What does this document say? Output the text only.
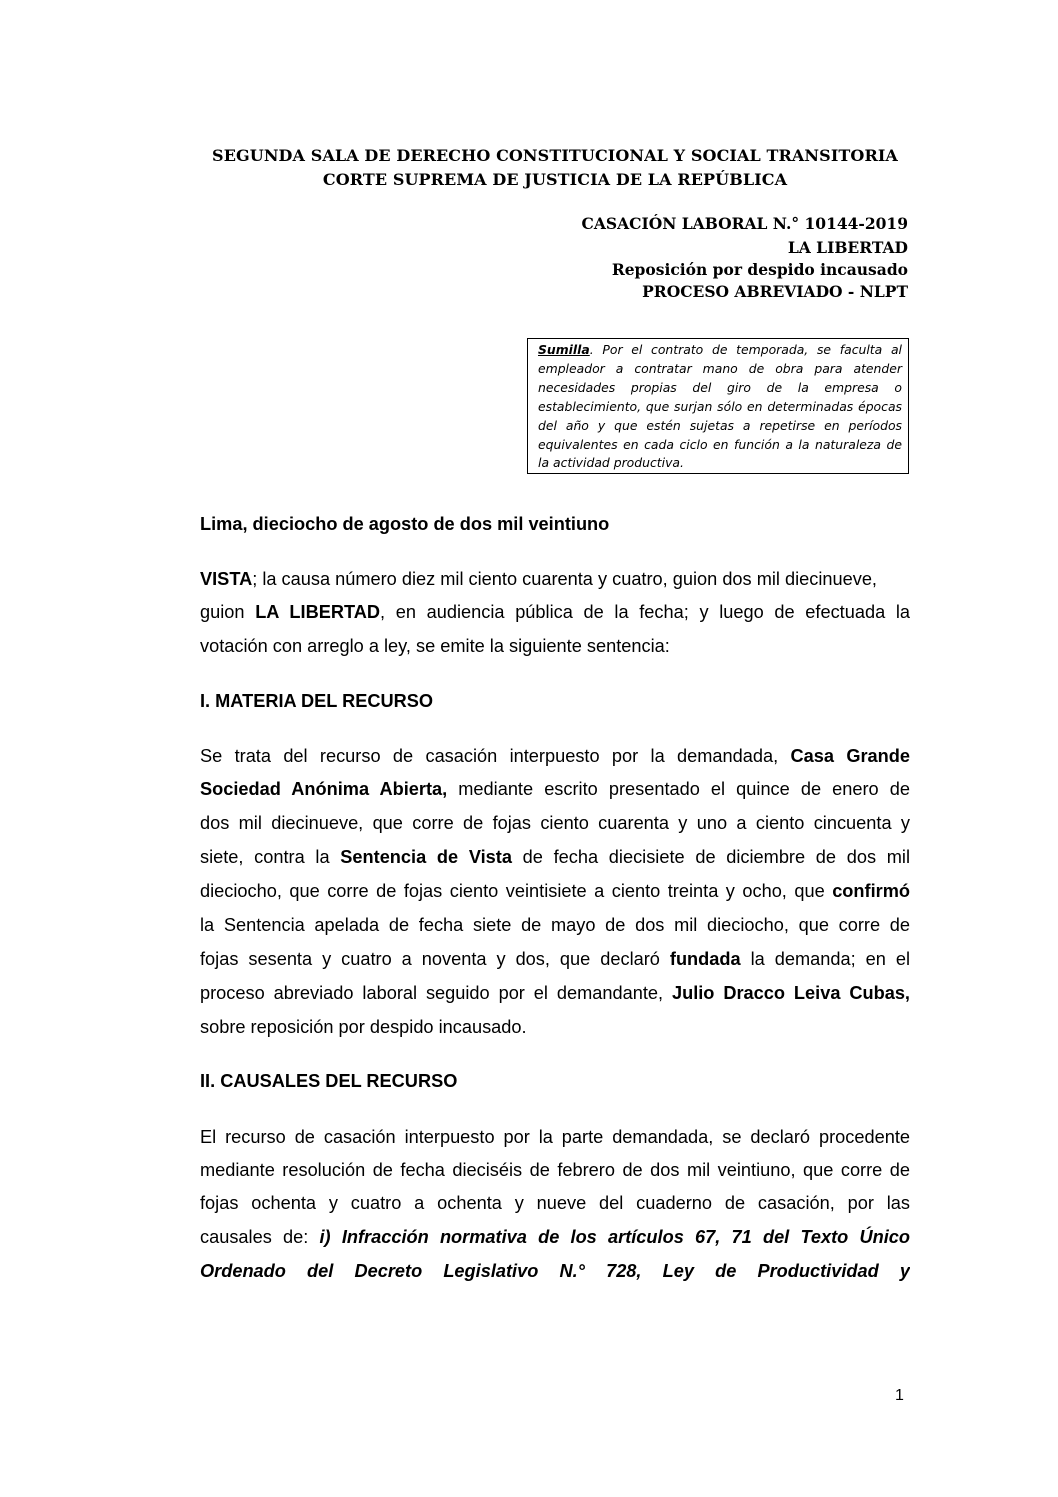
SEGUNDA SALA DE DERECHO CONSTITUCIONAL Y SOCIAL TRANSITORIA
CORTE SUPREMA DE JUSTICIA DE LA REPÚBLICA
CASACIÓN LABORAL N.° 10144-2019
LA LIBERTAD
Reposición por despido incausado
PROCESO ABREVIADO - NLPT
Sumilla. Por el contrato de temporada, se faculta al empleador a contratar mano de obra para atender necesidades propias del giro de la empresa o establecimiento, que surjan sólo en determinadas épocas del año y que estén sujetas a repetirse en períodos equivalentes en cada ciclo en función a la naturaleza de la actividad productiva.
Lima, dieciocho de agosto de dos mil veintiuno
VISTA; la causa número diez mil ciento cuarenta y cuatro, guion dos mil diecinueve,
guion LA LIBERTAD, en audiencia pública de la fecha; y luego de efectuada la
votación con arreglo a ley, se emite la siguiente sentencia:
I. MATERIA DEL RECURSO
Se trata del recurso de casación interpuesto por la demandada, Casa Grande
Sociedad Anónima Abierta, mediante escrito presentado el quince de enero de
dos mil diecinueve, que corre de fojas ciento cuarenta y uno a ciento cincuenta y
siete, contra la Sentencia de Vista de fecha diecisiete de diciembre de dos mil
dieciocho, que corre de fojas ciento veintisiete a ciento treinta y ocho, que confirmó
la Sentencia apelada de fecha siete de mayo de dos mil dieciocho, que corre de
fojas sesenta y cuatro a noventa y dos, que declaró fundada la demanda; en el
proceso abreviado laboral seguido por el demandante, Julio Dracco Leiva Cubas,
sobre reposición por despido incausado.
II. CAUSALES DEL RECURSO
El recurso de casación interpuesto por la parte demandada, se declaró procedente
mediante resolución de fecha dieciséis de febrero de dos mil veintiuno, que corre de
fojas ochenta y cuatro a ochenta y nueve del cuaderno de casación, por las
causales de: i) Infracción normativa de los artículos 67, 71 del Texto Único
Ordenado del Decreto Legislativo N.° 728, Ley de Productividad y
1
